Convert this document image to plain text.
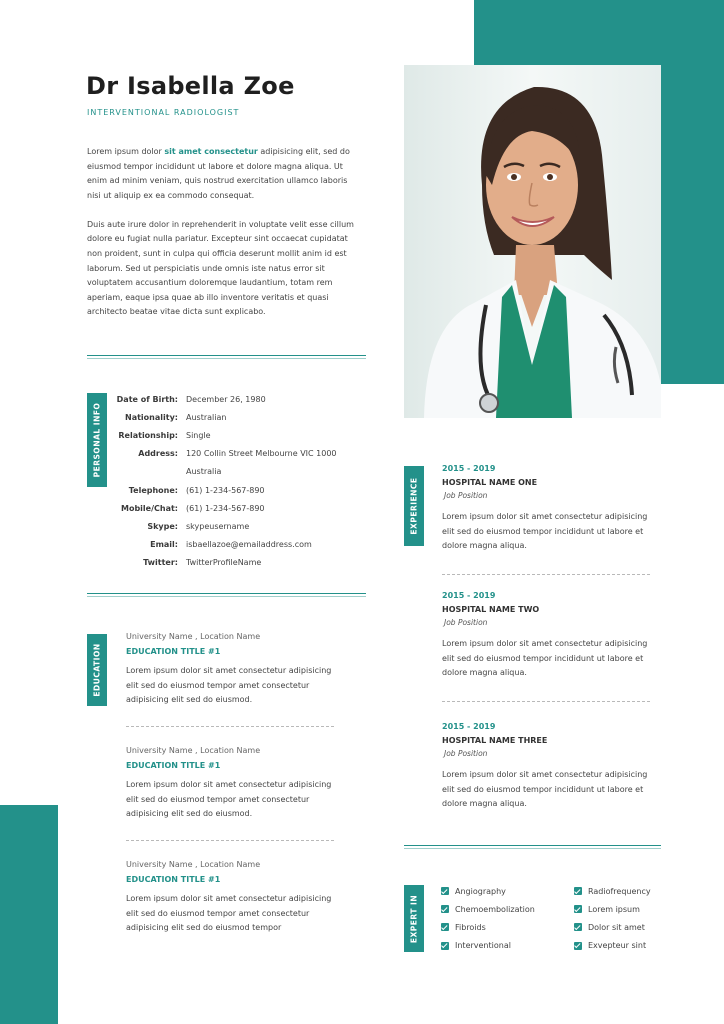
Dr Isabella Zoe
INTERVENTIONAL RADIOLOGIST

Lorem ipsum dolor sit amet consectetur adipisicing elit, sed do eiusmod tempor incididunt ut labore et dolore magna aliqua. Ut enim ad minim veniam, quis nostrud exercitation ullamco laboris nisi ut aliquip ex ea commodo consequat.

Duis aute irure dolor in reprehenderit in voluptate velit esse cillum dolore eu fugiat nulla pariatur. Excepteur sint occaecat cupidatat non proident, sunt in culpa qui officia deserunt mollit anim id est laborum. Sed ut perspiciatis unde omnis iste natus error sit voluptatem accusantium doloremque laudantium, totam rem aperiam, eaque ipsa quae ab illo inventore veritatis et quasi architecto beatae vitae dicta sunt explicabo.

PERSONAL INFO
Date of Birth: December 26, 1980
Nationality: Australian
Relationship: Single
Address: 120 Collin Street Melbourne VIC 1000
Australia
Telephone: (61) 1-234-567-890
Mobile/Chat: (61) 1-234-567-890
Skype: skypeusername
Email: isbaellazoe@emailaddress.com
Twitter: TwitterProfileName
EDUCATION
University Name , Location Name
EDUCATION TITLE #1
Lorem ipsum dolor sit amet consectetur adipisicing elit sed do eiusmod tempor amet consectetur adipisicing elit sed do eiusmod.
University Name , Location Name
EDUCATION TITLE #1
Lorem ipsum dolor sit amet consectetur adipisicing elit sed do eiusmod tempor amet consectetur adipisicing elit sed do eiusmod.
University Name , Location Name
EDUCATION TITLE #1
Lorem ipsum dolor sit amet consectetur adipisicing elit sed do eiusmod tempor amet consectetur adipisicing elit sed do eiusmod tempor
EXPERIENCE
2015 - 2019
HOSPITAL NAME ONE
Job Position
Lorem ipsum dolor sit amet consectetur adipisicing elit sed do eiusmod tempor incididunt ut labore et dolore magna aliqua.
2015 - 2019
HOSPITAL NAME TWO
Job Position
Lorem ipsum dolor sit amet consectetur adipisicing elit sed do eiusmod tempor incididunt ut labore et dolore magna aliqua.
2015 - 2019
HOSPITAL NAME THREE
Job Position
Lorem ipsum dolor sit amet consectetur adipisicing elit sed do eiusmod tempor incididunt ut labore et dolore magna aliqua.
EXPERT IN
Angiography
Chemoembolization
Fibroids
Interventional
Radiofrequency
Lorem ipsum
Dolor sit amet
Exvepteur sint
